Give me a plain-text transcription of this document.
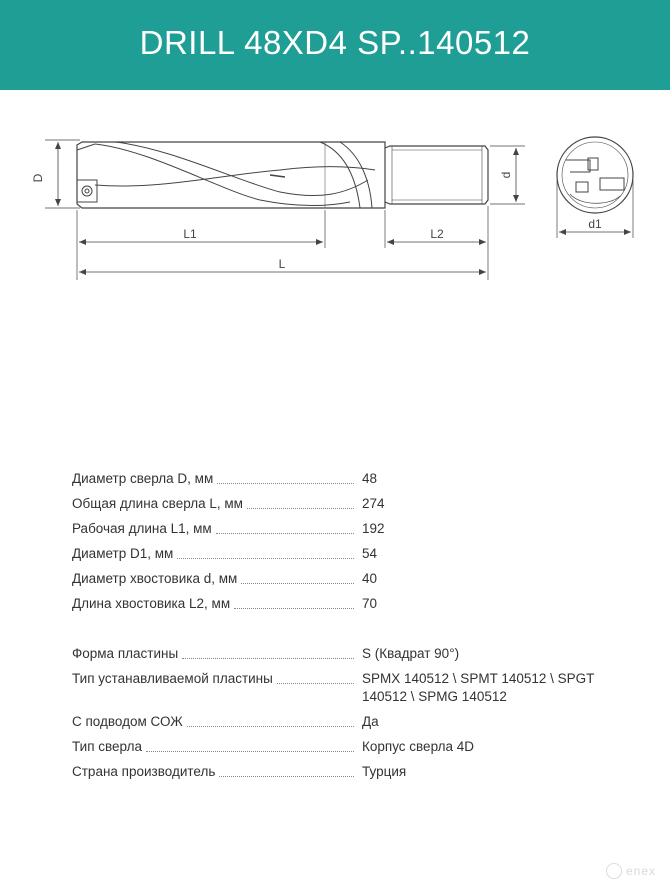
DRILL 48XD4 SP..140512
D	d
L1	L2
L
d1
Диаметр сверла D, мм	48
Общая длина сверла L, мм	274
Рабочая длина L1, мм	192
Диаметр D1, мм	54
Диаметр хвостовика d, мм	40
Длина хвостовика L2, мм	70
Форма пластины	S (Квадрат 90°)
Тип устанавливаемой пластины	SPMX 140512 \ SPMT 140512 \ SPGT 140512 \ SPMG 140512
С подводом СОЖ	Да
Тип сверла	Корпус сверла 4D
Страна производитель	Турция
enex
